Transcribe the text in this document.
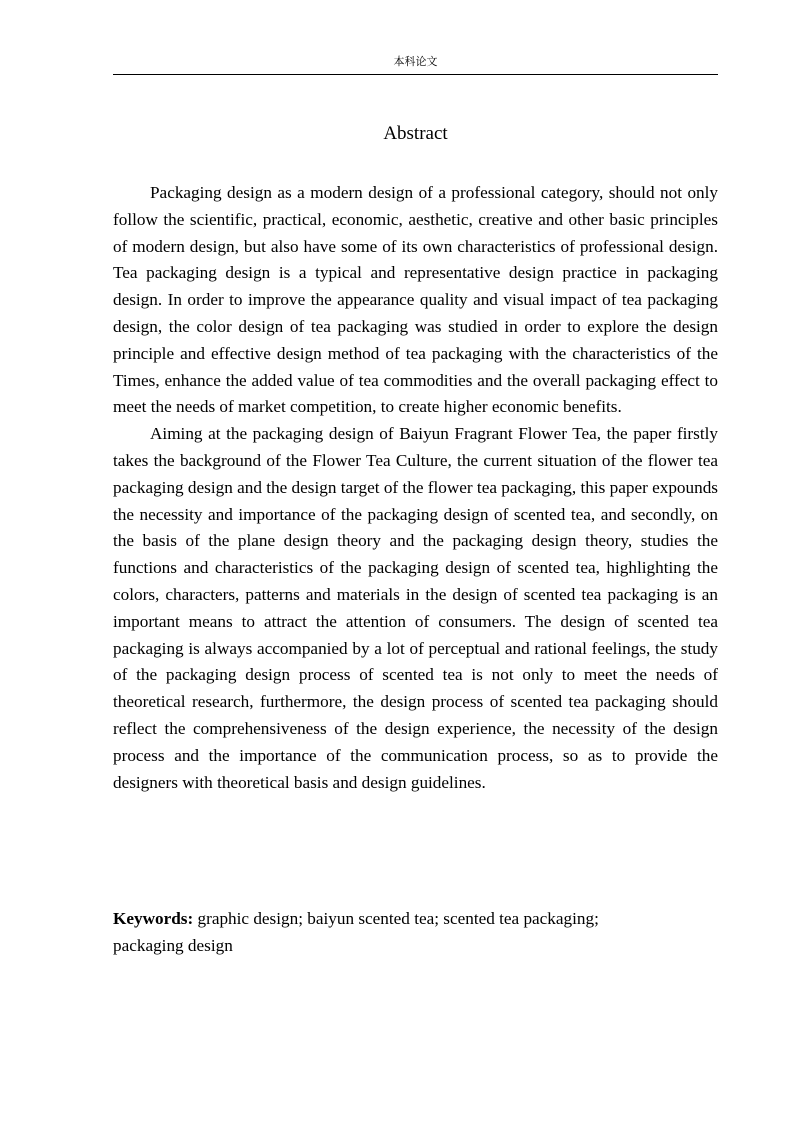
本科论文
Abstract

Packaging design as a modern design of a professional category, should not only follow the scientific, practical, economic, aesthetic, creative and other basic principles of modern design, but also have some of its own characteristics of professional design. Tea packaging design is a typical and representative design practice in packaging design. In order to improve the appearance quality and visual impact of tea packaging design, the color design of tea packaging was studied in order to explore the design principle and effective design method of tea packaging with the characteristics of the Times, enhance the added value of tea commodities and the overall packaging effect to meet the needs of market competition, to create higher economic benefits.

Aiming at the packaging design of Baiyun Fragrant Flower Tea, the paper firstly takes the background of the Flower Tea Culture, the current situation of the flower tea packaging design and the design target of the flower tea packaging, this paper expounds the necessity and importance of the packaging design of scented tea, and secondly, on the basis of the plane design theory and the packaging design theory, studies the functions and characteristics of the packaging design of scented tea, highlighting the colors, characters, patterns and materials in the design of scented tea packaging is an important means to attract the attention of consumers. The design of scented tea packaging is always accompanied by a lot of perceptual and rational feelings, the study of the packaging design process of scented tea is not only to meet the needs of theoretical research, furthermore, the design process of scented tea packaging should reflect the comprehensiveness of the design experience, the necessity of the design process and the importance of the communication process, so as to provide the designers with theoretical basis and design guidelines.

Keywords: graphic design; baiyun scented tea; scented tea packaging;
packaging design
